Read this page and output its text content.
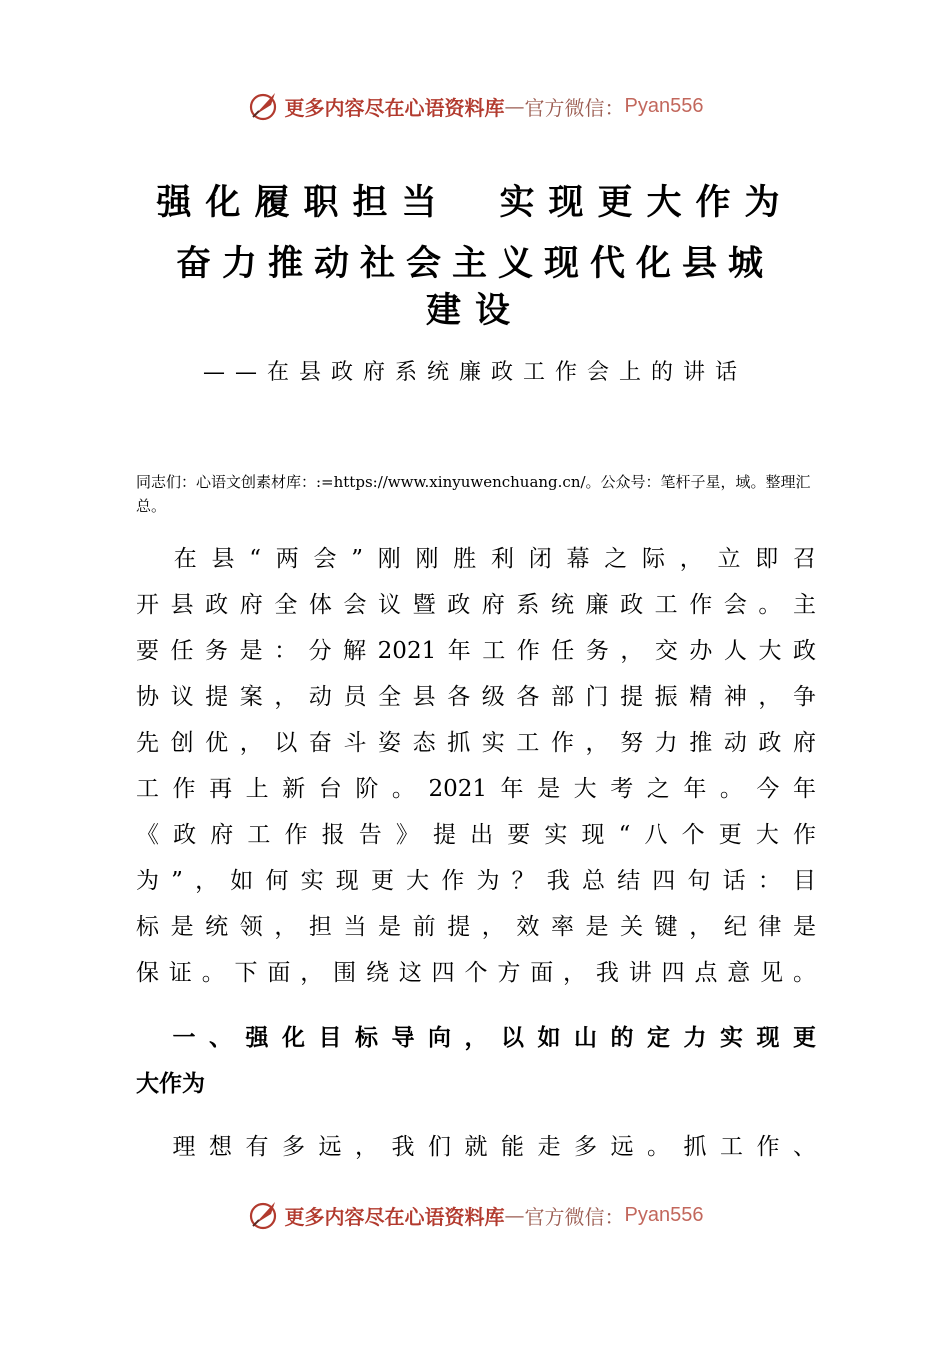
更多内容尽在心语资料库 — 官方微信： Pyan556
强化履职担当　实现更大作为
奋力推动社会主义现代化县城
建设
——在县政府系统廉政工作会上的讲话
同志们：心语文创素材库：:=https://www.xinyuwenchuang.cn/。公众号：笔杆子星，域。整理汇总。
　在县“两会”刚刚胜利闭幕之际，立即召
开县政府全体会议暨政府系统廉政工作会。主
要任务是：分解2021年工作任务，交办人大政
协议提案，动员全县各级各部门提振精神，争
先创优，以奋斗姿态抓实工作，努力推动政府
工作再上新台阶。2021年是大考之年。今年
《政府工作报告》提出要实现“八个更大作
为”，如何实现更大作为？我总结四句话：目
标是统领，担当是前提，效率是关键，纪律是
保证。下面，围绕这四个方面，我讲四点意见。
　一、强化目标导向，以如山的定力实现更
大作为
　理想有多远，我们就能走多远。抓工作、
更多内容尽在心语资料库 — 官方微信： Pyan556
